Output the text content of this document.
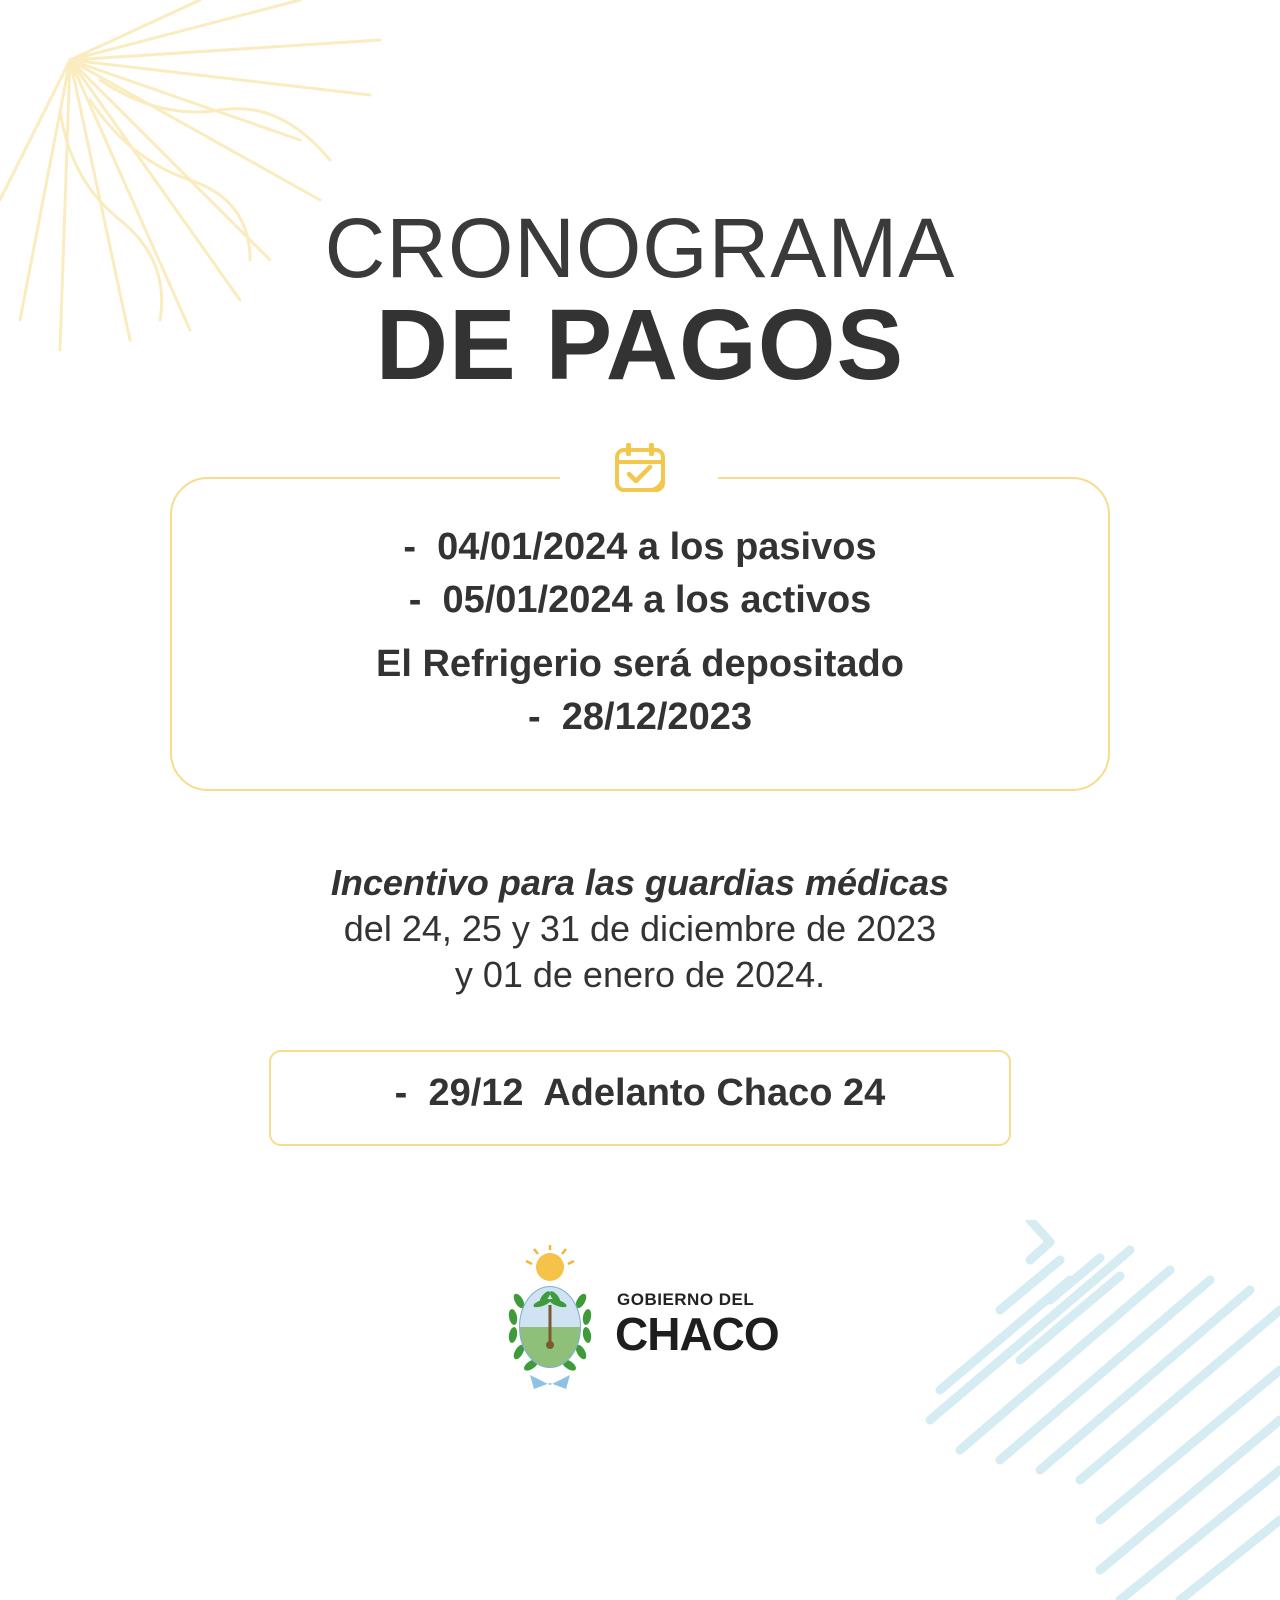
CRONOGRAMA
DE PAGOS

-  04/01/2024 a los pasivos

-  05/01/2024 a los activos

El Refrigerio será depositado

-  28/12/2023

Incentivo para las guardias médicas

del 24, 25 y 31 de diciembre de 2023

y 01 de enero de 2024.

-  29/12  Adelanto Chaco 24

GOBIERNO DEL
CHACO
